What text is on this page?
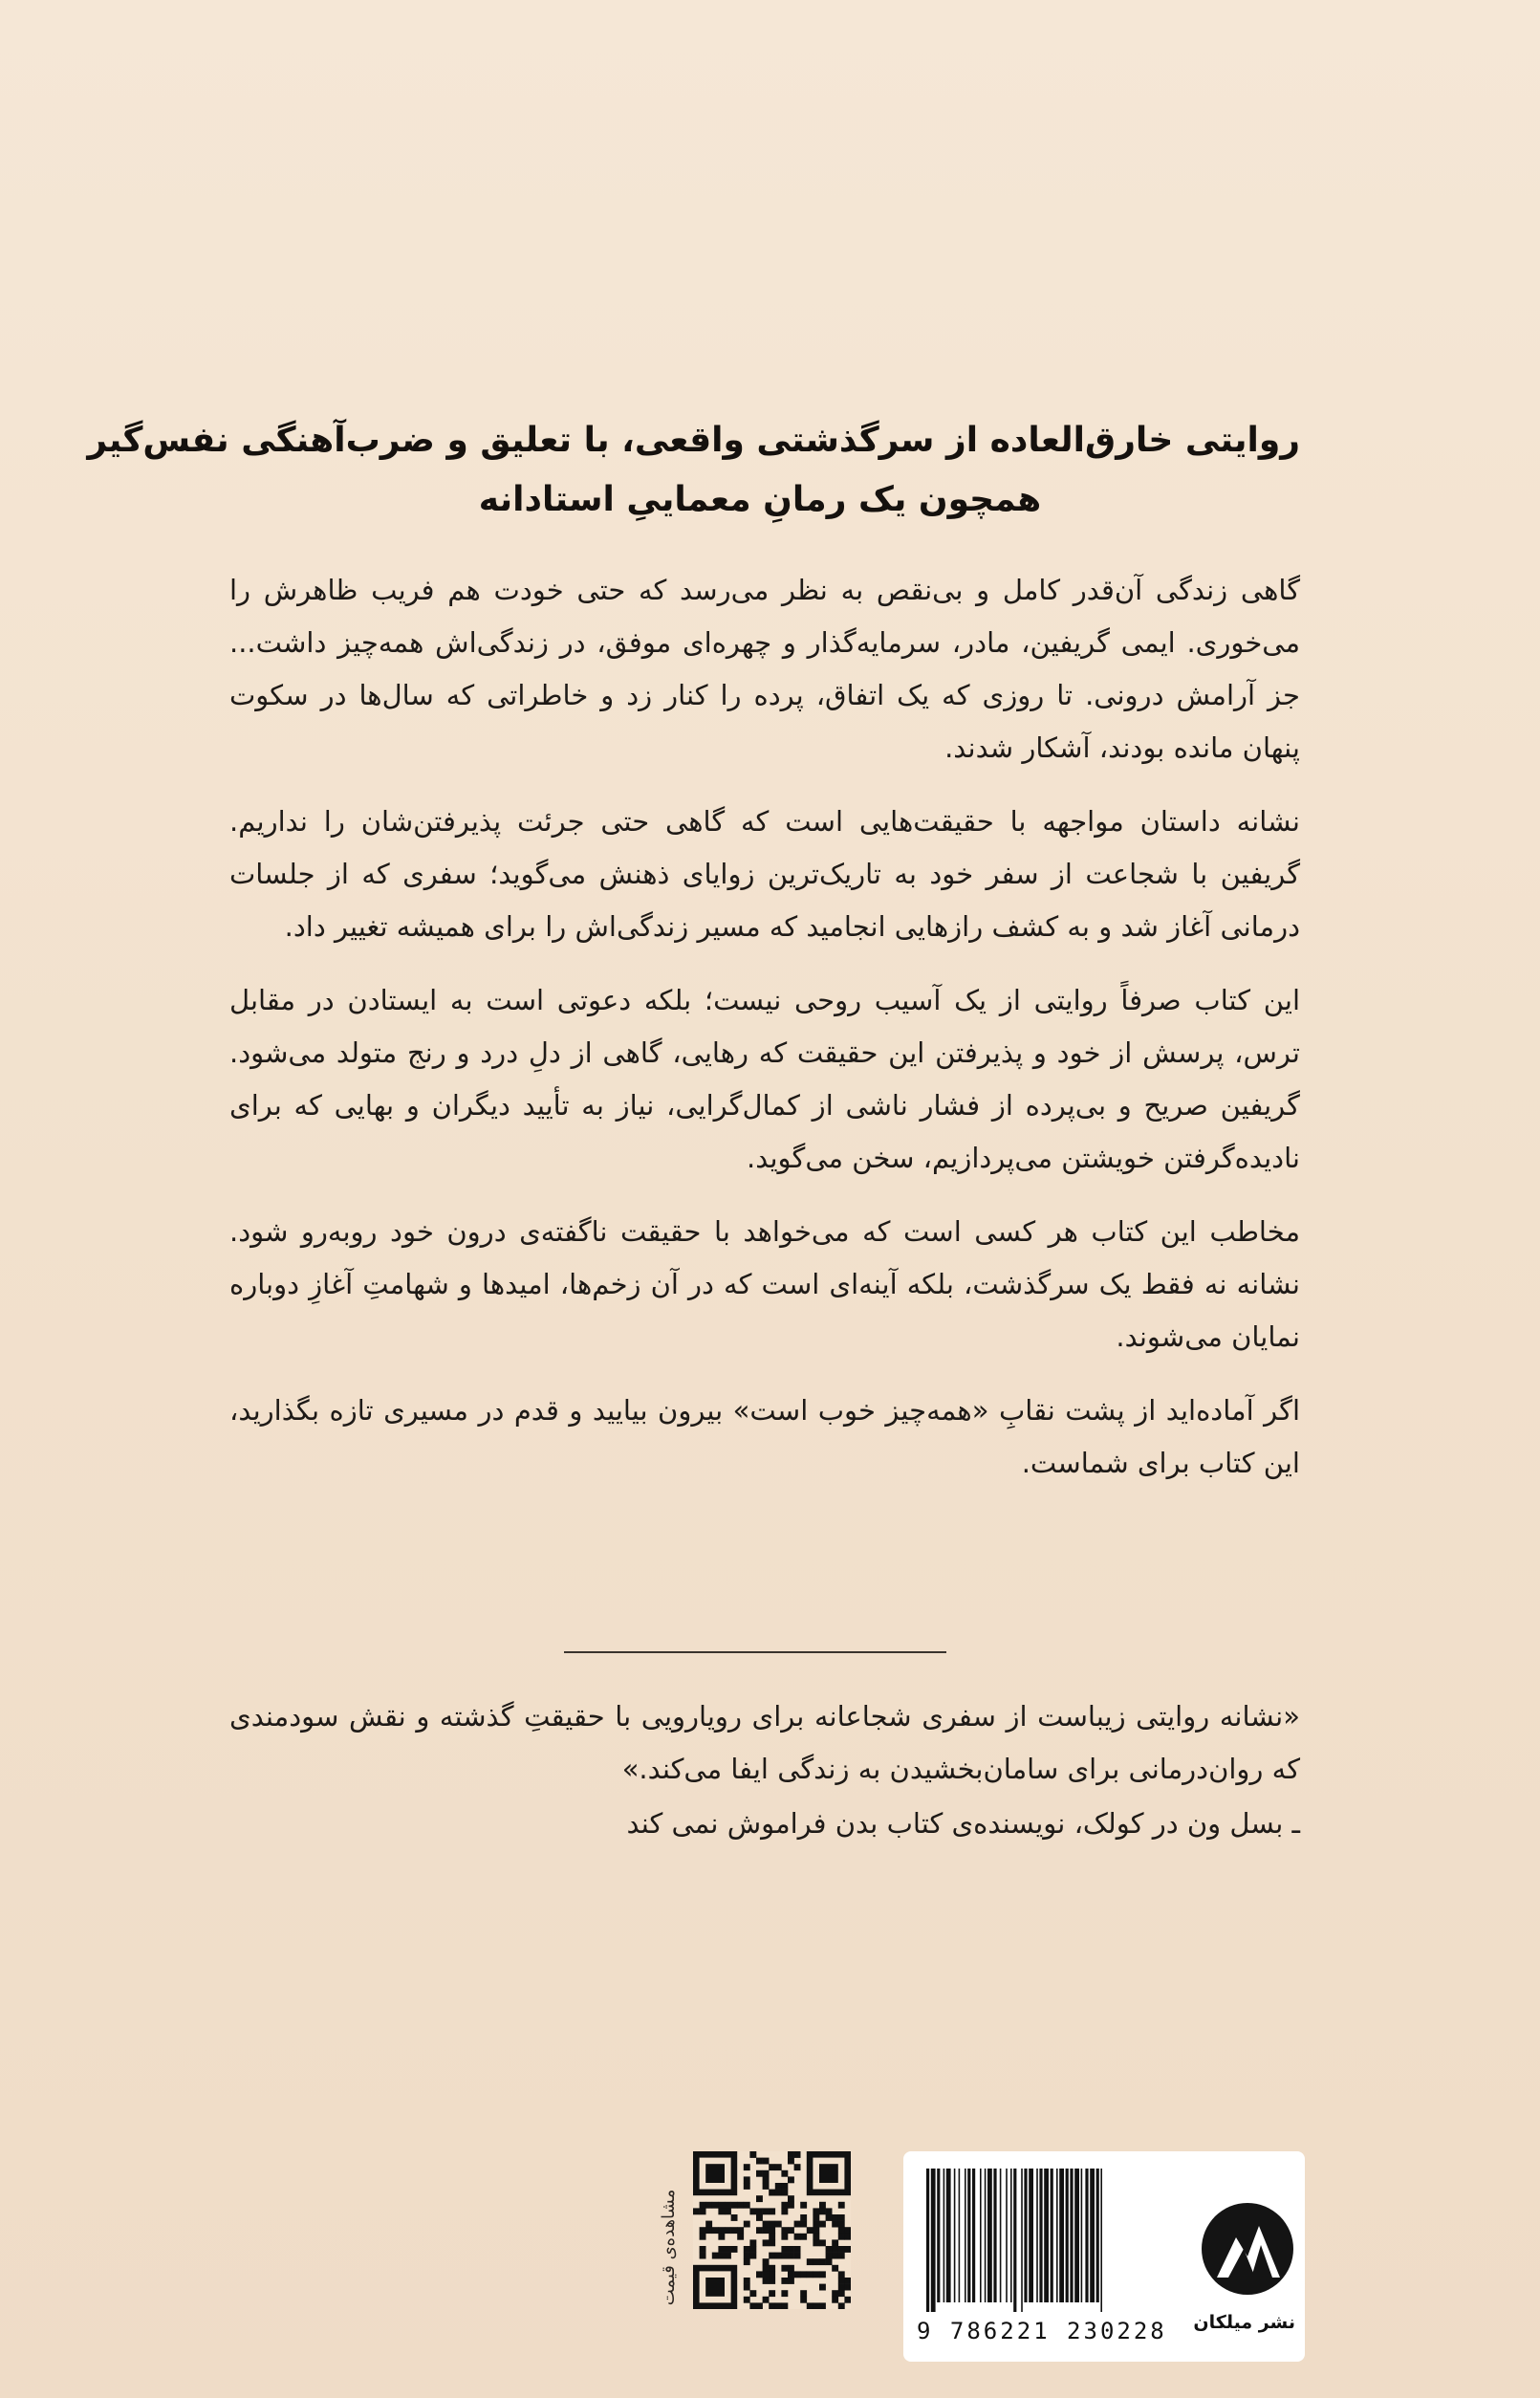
روایتی خارق‌العاده از سرگذشتی واقعی، با تعلیق و ضرب‌آهنگی نفس‌گیر
همچون یک رمانِ معماییِ استادانه

گاهی زندگی آن‌قدر کامل و بی‌نقص به نظر می‌رسد که حتی خودت هم فریب ظاهرش را می‌خوری. ایمی گریفین، مادر، سرمایه‌گذار و چهره‌ای موفق، در زندگی‌اش همه‌چیز داشت... جز آرامش درونی. تا روزی که یک اتفاق، پرده را کنار زد و خاطراتی که سال‌ها در سکوت پنهان مانده بودند، آشکار شدند.

نشانه داستان مواجهه با حقیقت‌هایی است که گاهی حتی جرئت پذیرفتن‌شان را نداریم. گریفین با شجاعت از سفر خود به تاریک‌ترین زوایای ذهنش می‌گوید؛ سفری که از جلسات درمانی آغاز شد و به کشف رازهایی انجامید که مسیر زندگی‌اش را برای همیشه تغییر داد.

این کتاب صرفاً روایتی از یک آسیب روحی نیست؛ بلکه دعوتی است به ایستادن در مقابل ترس، پرسش از خود و پذیرفتن این حقیقت که رهایی، گاهی از دلِ درد و رنج متولد می‌شود. گریفین صریح و بی‌پرده از فشار ناشی از کمال‌گرایی، نیاز به تأیید دیگران و بهایی که برای نادیده‌گرفتن خویشتن می‌پردازیم، سخن می‌گوید.

مخاطب این کتاب هر کسی است که می‌خواهد با حقیقت ناگفته‌ی درون خود روبه‌رو شود. نشانه نه فقط یک سرگذشت، بلکه آینه‌ای است که در آن زخم‌ها، امیدها و شهامتِ آغازِ دوباره نمایان می‌شوند.

اگر آماده‌اید از پشت نقابِ «همه‌چیز خوب است» بیرون بیایید و قدم در مسیری تازه بگذارید، این کتاب برای شماست.

«نشانه روایتی زیباست از سفری شجاعانه برای رویارویی با حقیقتِ گذشته و نقش سودمندی که روان‌درمانی برای سامان‌بخشیدن به زندگی ایفا می‌کند.»

ـ بسل ون در کولک، نویسنده‌ی کتاب بدن فراموش نمی کند
مشاهده‌ی قیمت
9 786221 230228	نشر میلکان
